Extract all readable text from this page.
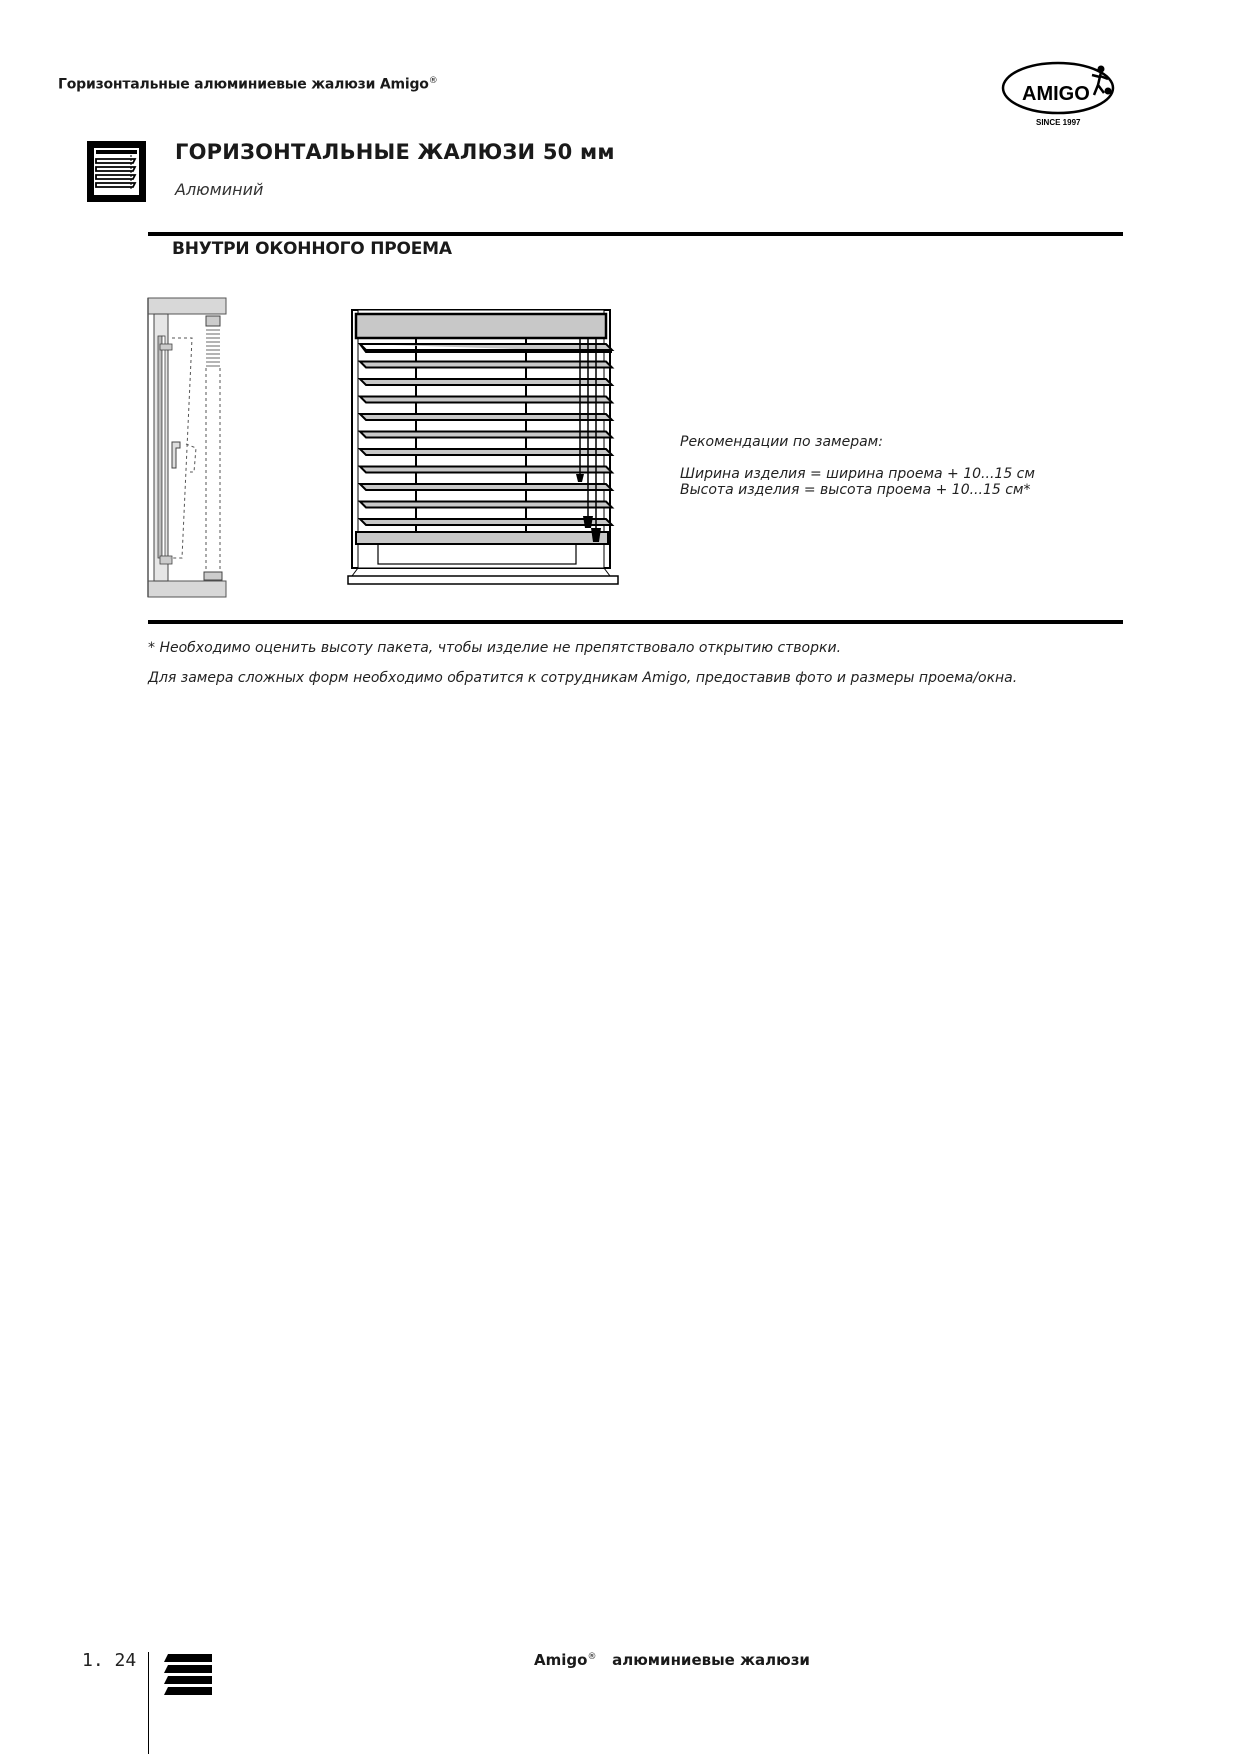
Горизонтальные алюминиевые жалюзи Amigo®
AMIGO
SINCE 1997
ГОРИЗОНТАЛЬНЫЕ ЖАЛЮЗИ 50 мм
Алюминий
ВНУТРИ ОКОННОГО ПРОЕМА
Рекомендации по замерам:
Ширина изделия = ширина проема + 10...15 см
Высота изделия = высота проема + 10...15 см*
* Необходимо оценить высоту пакета, чтобы изделие не препятствовало открытию створки.
Для замера сложных форм необходимо обратится к сотрудникам Amigo, предоставив фото и размеры проема/окна.
1. 24	Amigo® алюминиевые жалюзи
